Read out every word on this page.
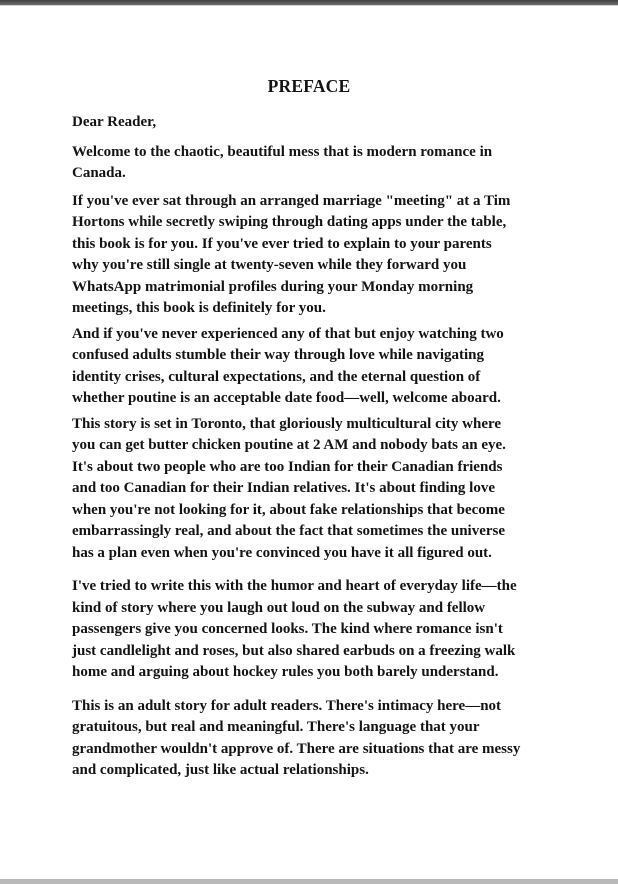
PREFACE

Dear Reader,

Welcome to the chaotic, beautiful mess that is modern romance in
Canada.

If you've ever sat through an arranged marriage "meeting" at a Tim
Hortons while secretly swiping through dating apps under the table,
this book is for you. If you've ever tried to explain to your parents
why you're still single at twenty-seven while they forward you
WhatsApp matrimonial profiles during your Monday morning
meetings, this book is definitely for you.

And if you've never experienced any of that but enjoy watching two
confused adults stumble their way through love while navigating
identity crises, cultural expectations, and the eternal question of
whether poutine is an acceptable date food—well, welcome aboard.

This story is set in Toronto, that gloriously multicultural city where
you can get butter chicken poutine at 2 AM and nobody bats an eye.
It's about two people who are too Indian for their Canadian friends
and too Canadian for their Indian relatives. It's about finding love
when you're not looking for it, about fake relationships that become
embarrassingly real, and about the fact that sometimes the universe
has a plan even when you're convinced you have it all figured out.

I've tried to write this with the humor and heart of everyday life—the
kind of story where you laugh out loud on the subway and fellow
passengers give you concerned looks. The kind where romance isn't
just candlelight and roses, but also shared earbuds on a freezing walk
home and arguing about hockey rules you both barely understand.

This is an adult story for adult readers. There's intimacy here—not
gratuitous, but real and meaningful. There's language that your
grandmother wouldn't approve of. There are situations that are messy
and complicated, just like actual relationships.
